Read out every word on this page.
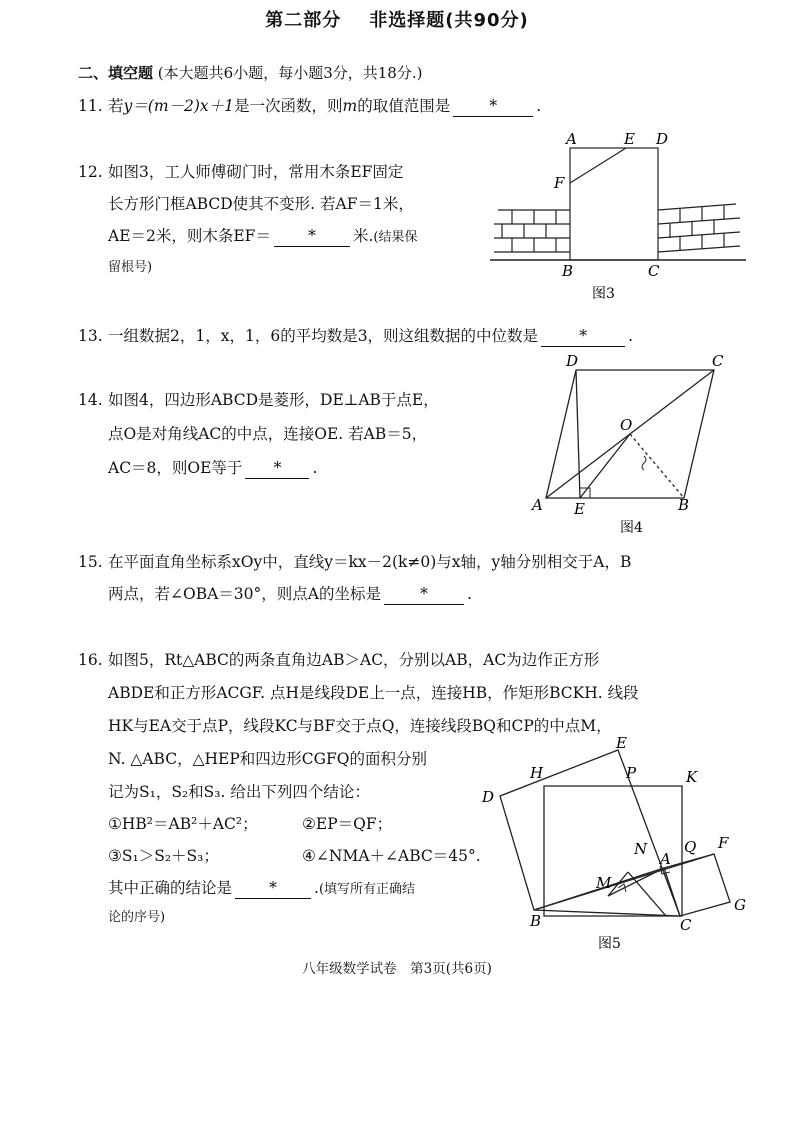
第二部分 非选择题(共90分)
二、填空题 (本大题共6小题，每小题3分，共18分.)
11. 若y＝(m－2)x＋1是一次函数，则m的取值范围是	*	.
12. 如图3，工人师傅砌门时，常用木条EF固定
长方形门框ABCD使其不变形. 若AF＝1米，
AE＝2米，则木条EF＝ * 米.(结果保
留根号)
A	E D
F
B	C
图3
13. 一组数据2，1，x，1，6的平均数是3，则这组数据的中位数是	*	.
14. 如图4，四边形ABCD是菱形，DE⊥AB于点E，
点O是对角线AC的中点，连接OE. 若AB＝5，
AC＝8，则OE等于 * .
D	C
O
A E	B
图4
15. 在平面直角坐标系xOy中，直线y＝kx－2(k≠0)与x轴，y轴分别相交于A，B
两点，若∠OBA＝30°，则点A的坐标是	*	.
16. 如图5，Rt△ABC的两条直角边AB＞AC，分别以AB，AC为边作正方形
ABDE和正方形ACGF. 点H是线段DE上一点，连接HB，作矩形BCKH. 线段
HK与EA交于点P，线段KC与BF交于点Q，连接线段BQ和CP的中点M，
N. △ABC，△HEP和四边形CGFQ的面积分别
记为S₁，S₂和S₃. 给出下列四个结论：
①HB²＝AB²＋AC²；	②EP＝QF；
③S₁＞S₂＋S₃；	④∠NMA＋∠ABC＝45°.
其中正确的结论是 * .(填写所有正确结
论的序号)
E
H	P	K
D
N
A
Q F
M
B	C
G
图5
八年级数学试卷　第3页(共6页)
